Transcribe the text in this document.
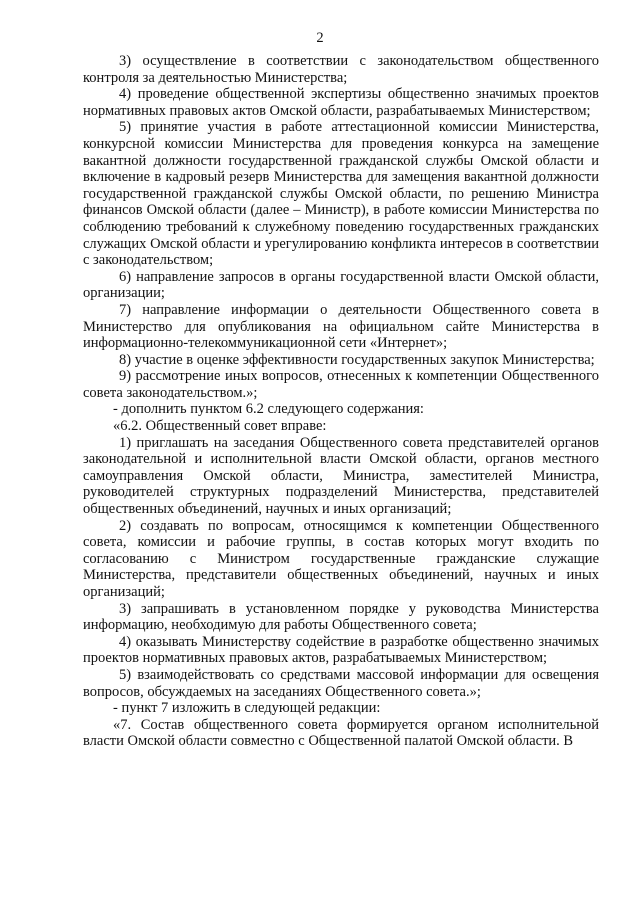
2

3) осуществление в соответствии с законодательством общественного контроля за деятельностью Министерства;

4) проведение общественной экспертизы общественно значимых проектов нормативных правовых актов Омской области, разрабатываемых Министерством;

5) принятие участия в работе аттестационной комиссии Министерства, конкурсной комиссии Министерства для проведения конкурса на замещение вакантной должности государственной гражданской службы Омской области и включение в кадровый резерв Министерства для замещения вакантной должности государственной гражданской службы Омской области, по решению Министра финансов Омской области (далее – Министр), в работе комиссии Министерства по соблюдению требований к служебному поведению государственных гражданских служащих Омской области и урегулированию конфликта интересов в соответствии с законодательством;

6) направление запросов в органы государственной власти Омской области, организации;

7) направление информации о деятельности Общественного совета в Министерство для опубликования на официальном сайте Министерства в информационно-телекоммуникационной сети «Интернет»;

8) участие в оценке эффективности государственных закупок Министерства;

9) рассмотрение иных вопросов, отнесенных к компетенции Общественного совета законодательством.»;

- дополнить пунктом 6.2 следующего содержания:

«6.2. Общественный совет вправе:

1) приглашать на заседания Общественного совета представителей органов законодательной и исполнительной власти Омской области, органов местного самоуправления Омской области, Министра, заместителей Министра, руководителей структурных подразделений Министерства, представителей общественных объединений, научных и иных организаций;

2) создавать по вопросам, относящимся к компетенции Общественного совета, комиссии и рабочие группы, в состав которых могут входить по согласованию с Министром государственные гражданские служащие Министерства, представители общественных объединений, научных и иных организаций;

3) запрашивать в установленном порядке у руководства Министерства информацию, необходимую для работы Общественного совета;

4) оказывать Министерству содействие в разработке общественно значимых проектов нормативных правовых актов, разрабатываемых Министерством;

5) взаимодействовать со средствами массовой информации для освещения вопросов, обсуждаемых на заседаниях Общественного совета.»;

- пункт 7 изложить в следующей редакции:

«7. Состав общественного совета формируется органом исполнительной власти Омской области совместно с Общественной палатой Омской области. В
